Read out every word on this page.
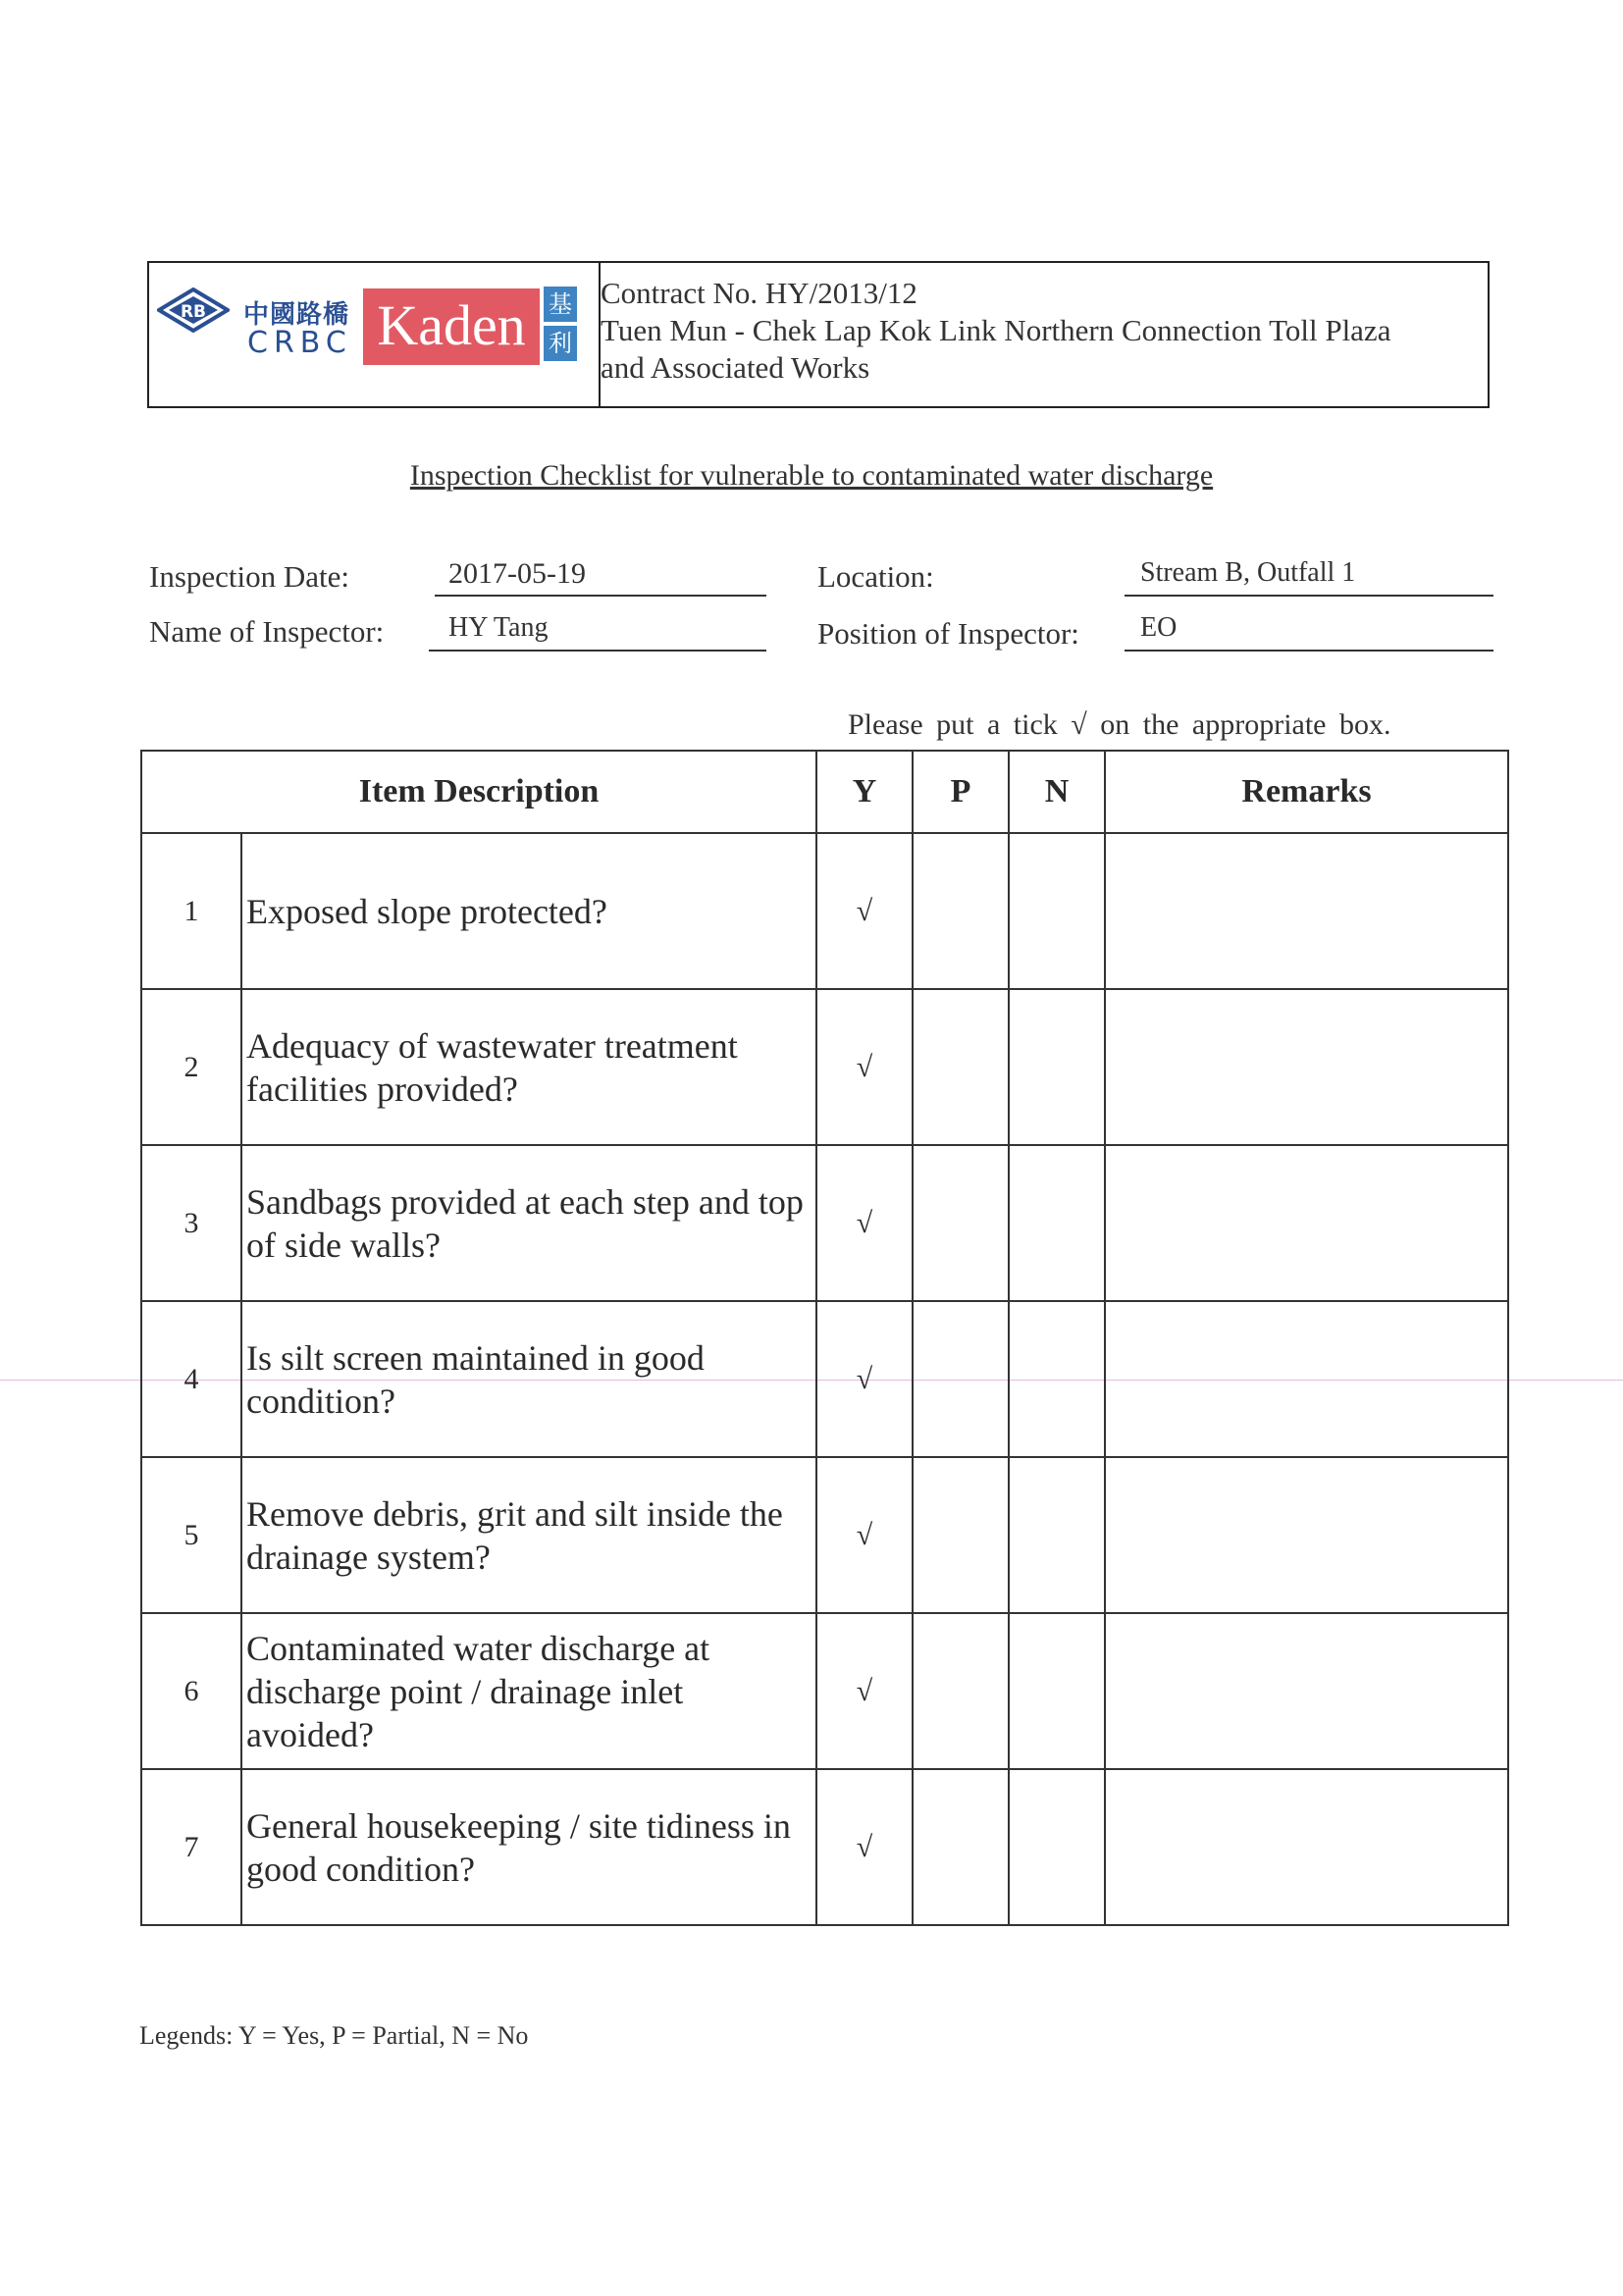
RB 中國路橋
CRBC Kaden 基
利
Contract No. HY/2013/12
Tuen Mun - Chek Lap Kok Link Northern Connection Toll Plaza
and Associated Works
Inspection Checklist for vulnerable to contaminated water discharge
Inspection Date:	2017-05-19	Location:	Stream B, Outfall 1
Name of Inspector:	HY Tang	Position of Inspector:	EO
Please put a tick √ on the appropriate box.
Item Description		Y	P	N	Remarks
1	Exposed slope protected?	√			
2	Adequacy of wastewater treatment facilities provided?	√			
3	Sandbags provided at each step and top of side walls?	√			
4	Is silt screen maintained in good condition?	√			
5	Remove debris, grit and silt inside the drainage system?	√			
6	Contaminated water discharge at discharge point / drainage inlet avoided?	√			
7	General housekeeping / site tidiness in good condition?	√			
Legends: Y = Yes, P = Partial, N = No
